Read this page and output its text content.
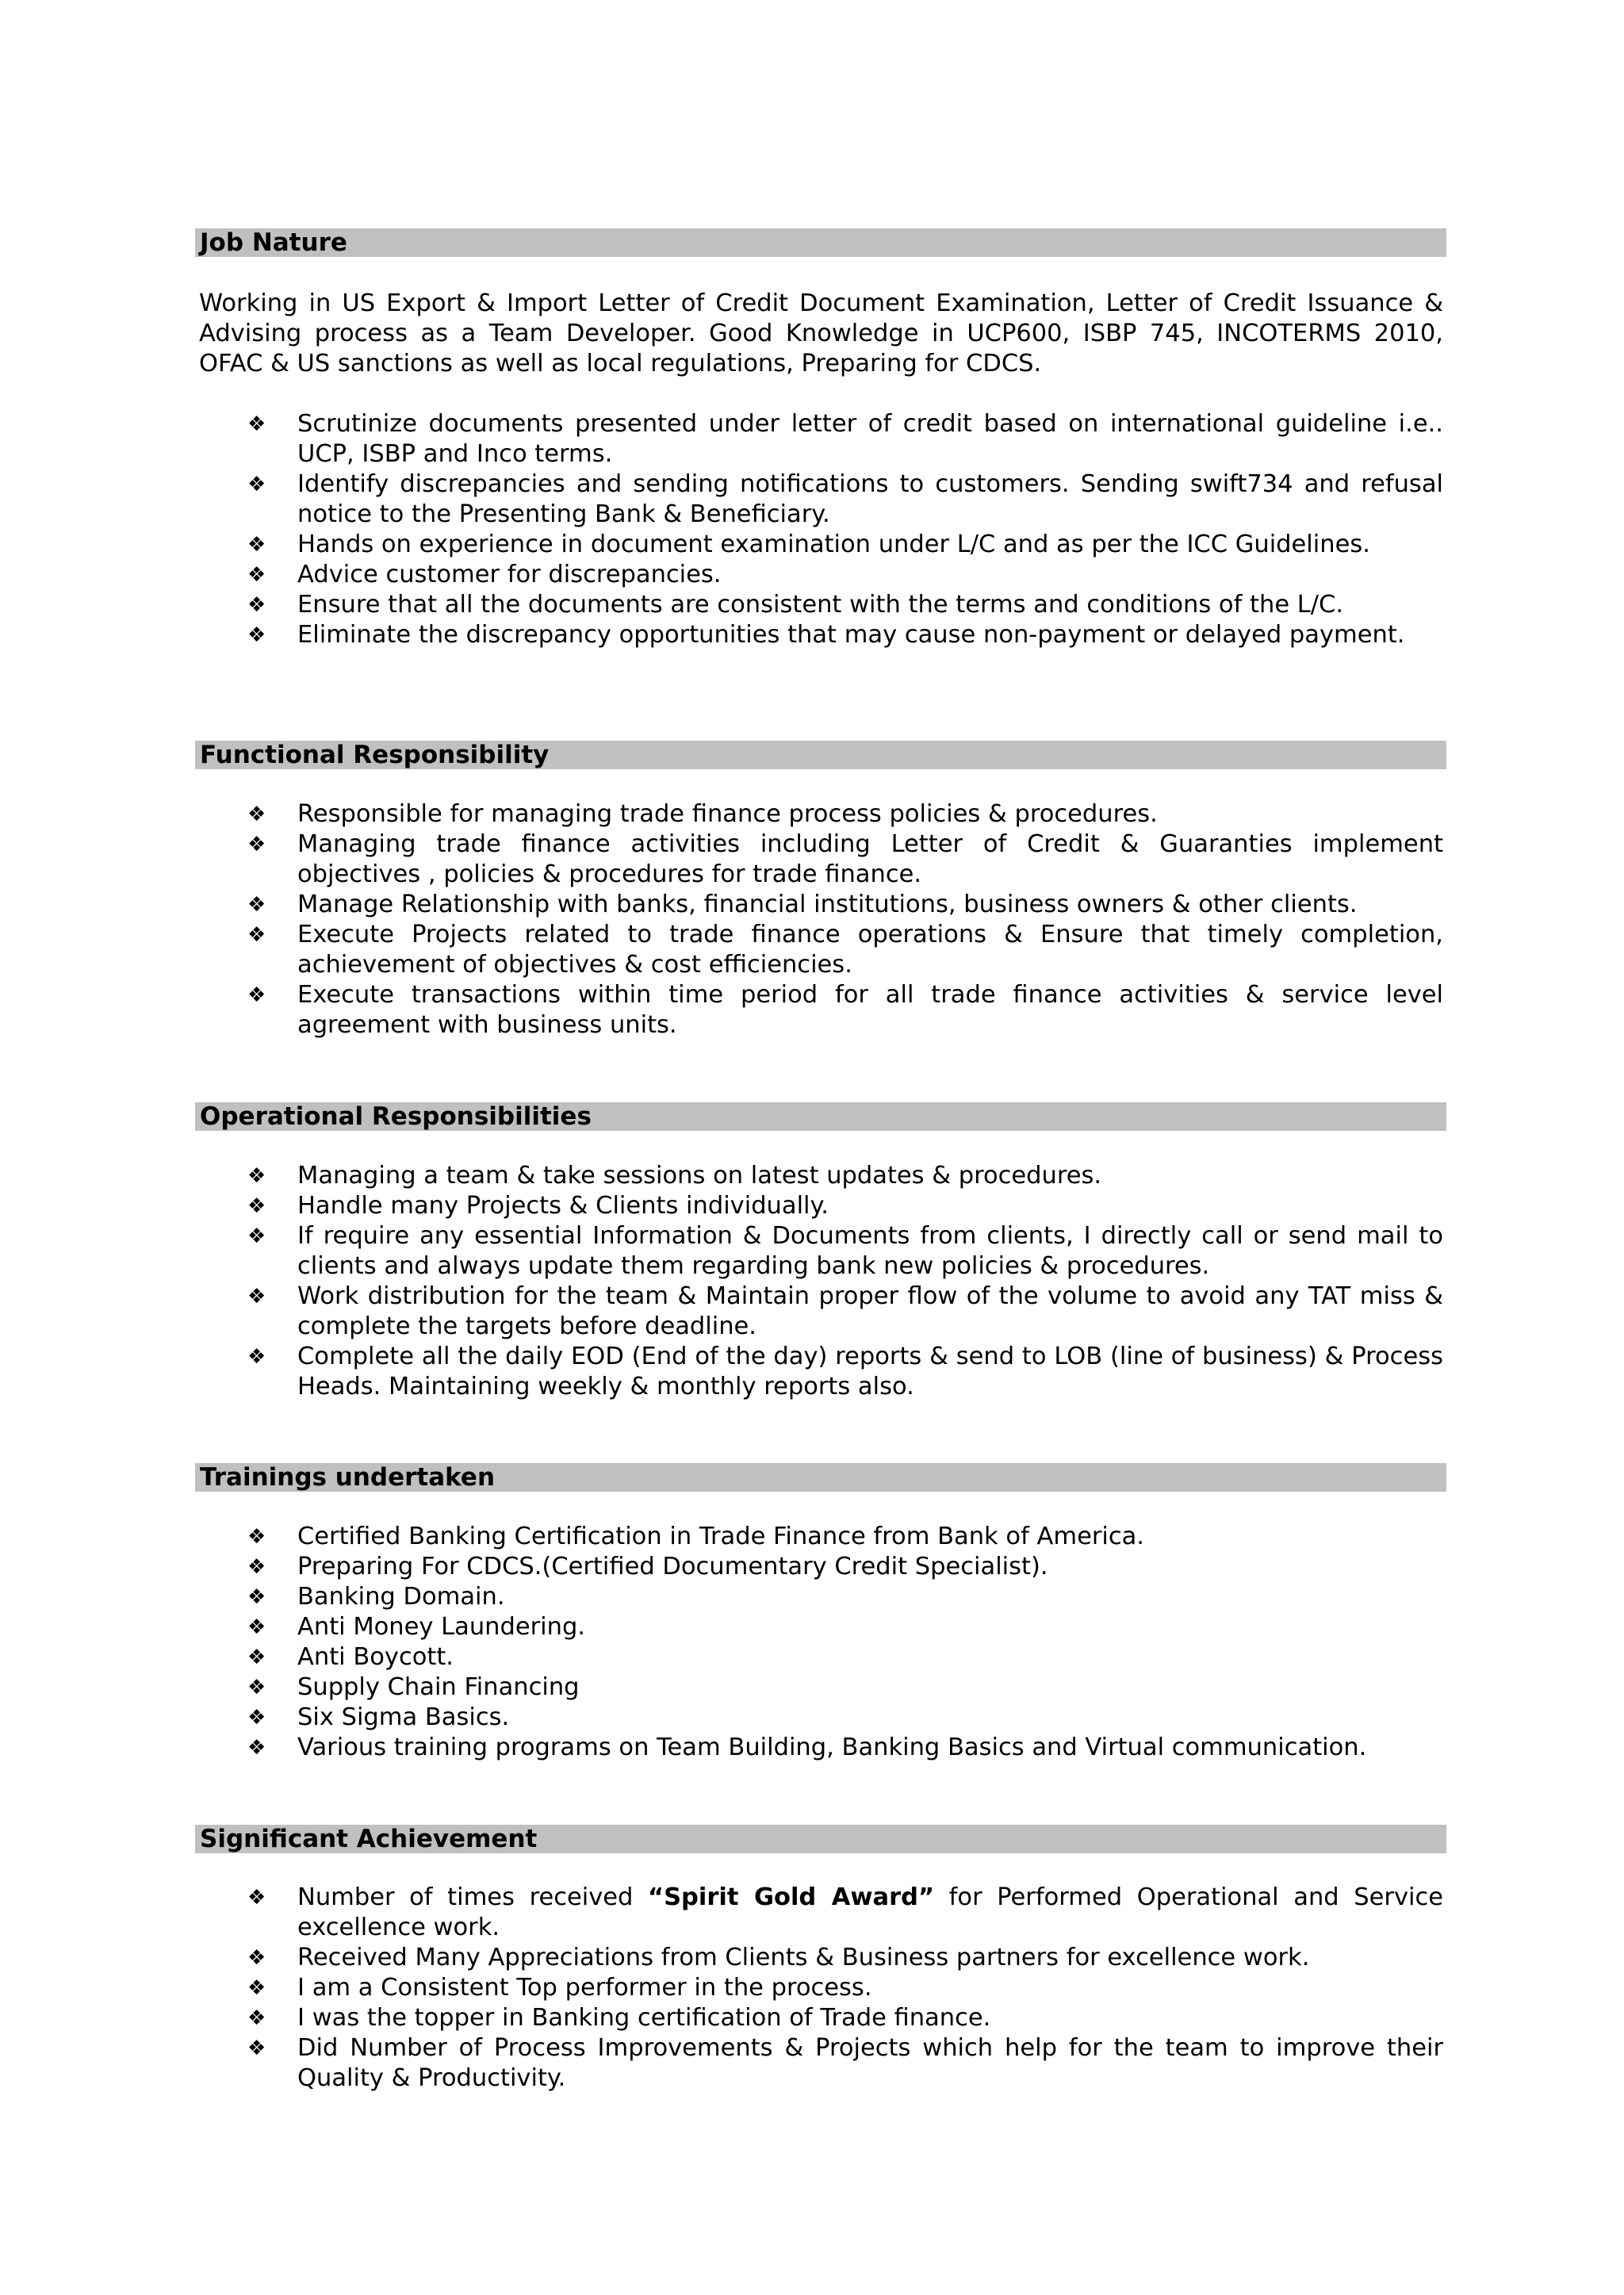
Job Nature
Working in US Export & Import Letter of Credit Document Examination, Letter of Credit Issuance & Advising process as a Team Developer. Good Knowledge in UCP600, ISBP 745, INCOTERMS 2010, OFAC & US sanctions as well as local regulations, Preparing for CDCS.
❖ Scrutinize documents presented under letter of credit based on international guideline i.e.. UCP, ISBP and Inco terms.
❖ Identify discrepancies and sending notifications to customers. Sending swift734 and refusal notice to the Presenting Bank & Beneficiary.
❖ Hands on experience in document examination under L/C and as per the ICC Guidelines.
❖ Advice customer for discrepancies.
❖ Ensure that all the documents are consistent with the terms and conditions of the L/C.
❖ Eliminate the discrepancy opportunities that may cause non-payment or delayed payment.
Functional Responsibility
❖ Responsible for managing trade finance process policies & procedures.
❖ Managing trade finance activities including Letter of Credit & Guaranties implement objectives , policies & procedures for trade finance.
❖ Manage Relationship with banks, financial institutions, business owners & other clients.
❖ Execute Projects related to trade finance operations & Ensure that timely completion, achievement of objectives & cost efficiencies.
❖ Execute transactions within time period for all trade finance activities & service level agreement with business units.
Operational Responsibilities
❖ Managing a team & take sessions on latest updates & procedures.
❖ Handle many Projects & Clients individually.
❖ If require any essential Information & Documents from clients, I directly call or send mail to clients and always update them regarding bank new policies & procedures.
❖ Work distribution for the team & Maintain proper flow of the volume to avoid any TAT miss & complete the targets before deadline.
❖ Complete all the daily EOD (End of the day) reports & send to LOB (line of business) & Process Heads. Maintaining weekly & monthly reports also.
Trainings undertaken
❖ Certified Banking Certification in Trade Finance from Bank of America.
❖ Preparing For CDCS.(Certified Documentary Credit Specialist).
❖ Banking Domain.
❖ Anti Money Laundering.
❖ Anti Boycott.
❖ Supply Chain Financing
❖ Six Sigma Basics.
❖ Various training programs on Team Building, Banking Basics and Virtual communication.
Significant Achievement
❖ Number of times received “Spirit Gold Award” for Performed Operational and Service excellence work.
❖ Received Many Appreciations from Clients & Business partners for excellence work.
❖ I am a Consistent Top performer in the process.
❖ I was the topper in Banking certification of Trade finance.
❖ Did Number of Process Improvements & Projects which help for the team to improve their Quality & Productivity.
